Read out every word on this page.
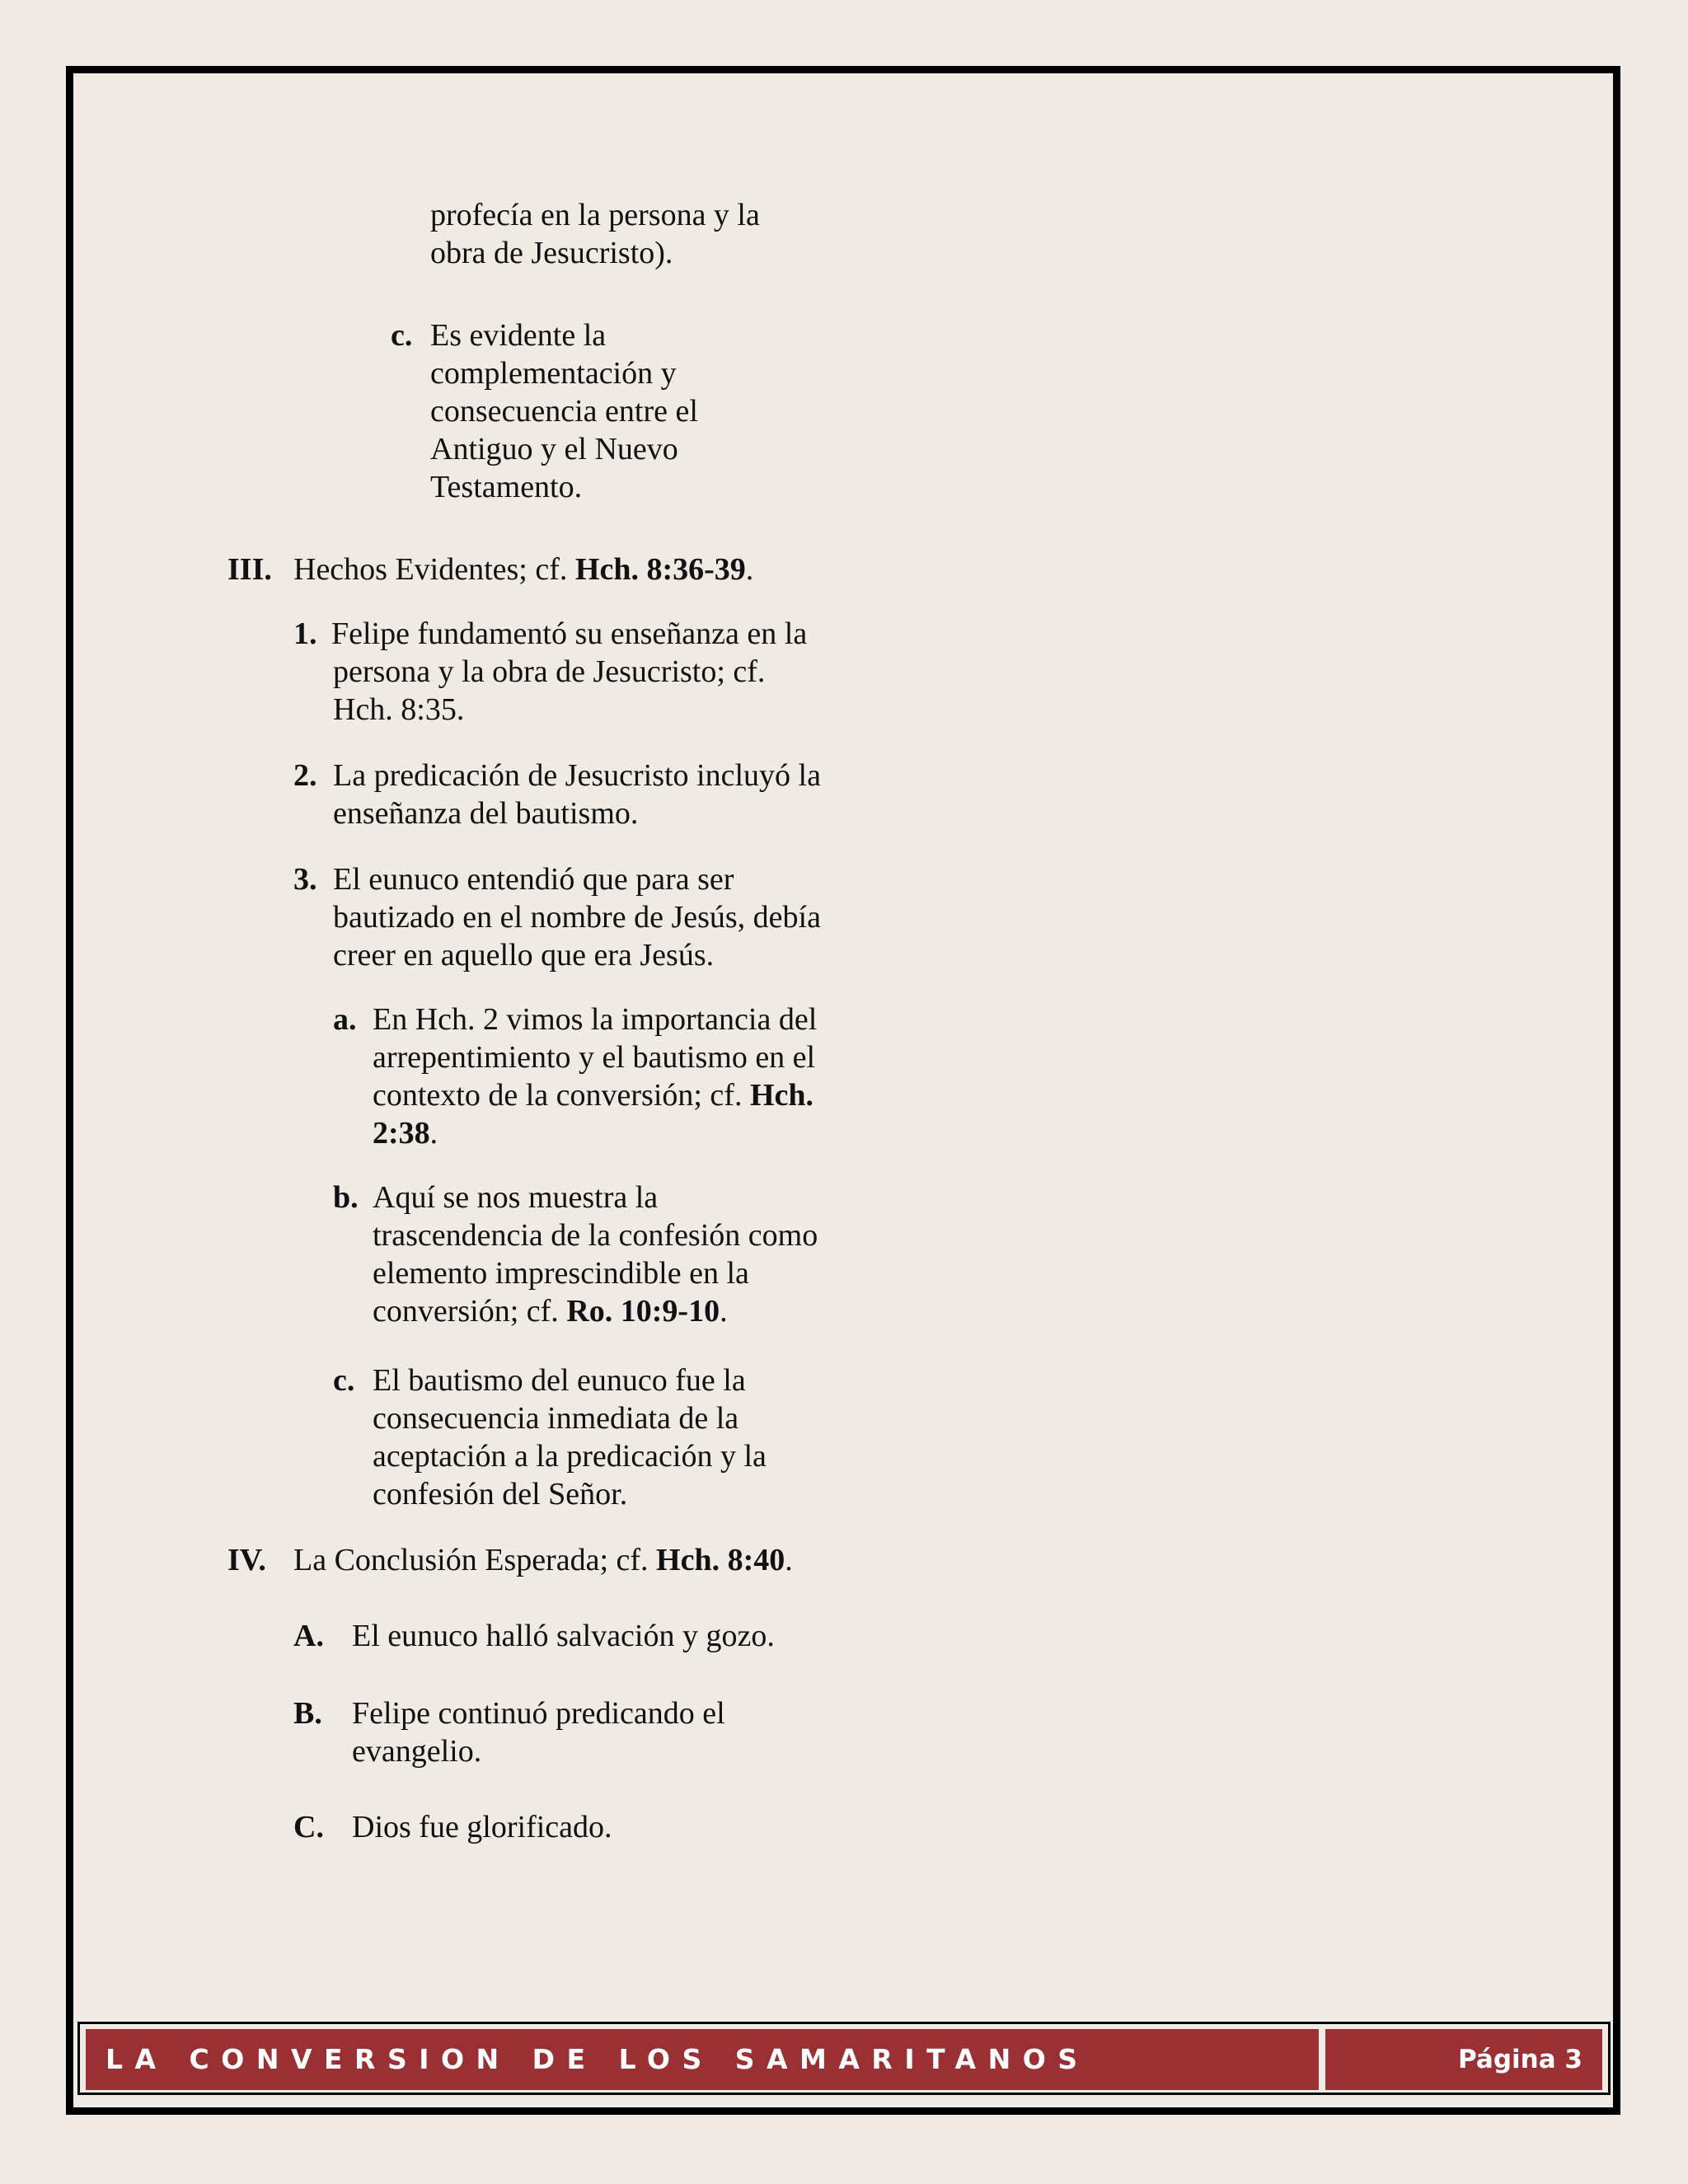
profecía en la persona y la obra de Jesucristo).
c. Es evidente la complementación y consecuencia entre el Antiguo y el Nuevo Testamento.
III. Hechos Evidentes; cf. Hch. 8:36-39.
1. Felipe fundamentó su enseñanza en la persona y la obra de Jesucristo; cf. Hch. 8:35.
2. La predicación de Jesucristo incluyó la enseñanza del bautismo.
3. El eunuco entendió que para ser bautizado en el nombre de Jesús, debía creer en aquello que era Jesús.
a. En Hch. 2 vimos la importancia del arrepentimiento y el bautismo en el contexto de la conversión; cf. Hch. 2:38.
b. Aquí se nos muestra la trascendencia de la confesión como elemento imprescindible en la conversión; cf. Ro. 10:9-10.
c. El bautismo del eunuco fue la consecuencia inmediata de la aceptación a la predicación y la confesión del Señor.
IV. La Conclusión Esperada; cf. Hch. 8:40.
A. El eunuco halló salvación y gozo.
B. Felipe continuó predicando el evangelio.
C. Dios fue glorificado.
LA CONVERSION DE LOS SAMARITANOS	Página 3
